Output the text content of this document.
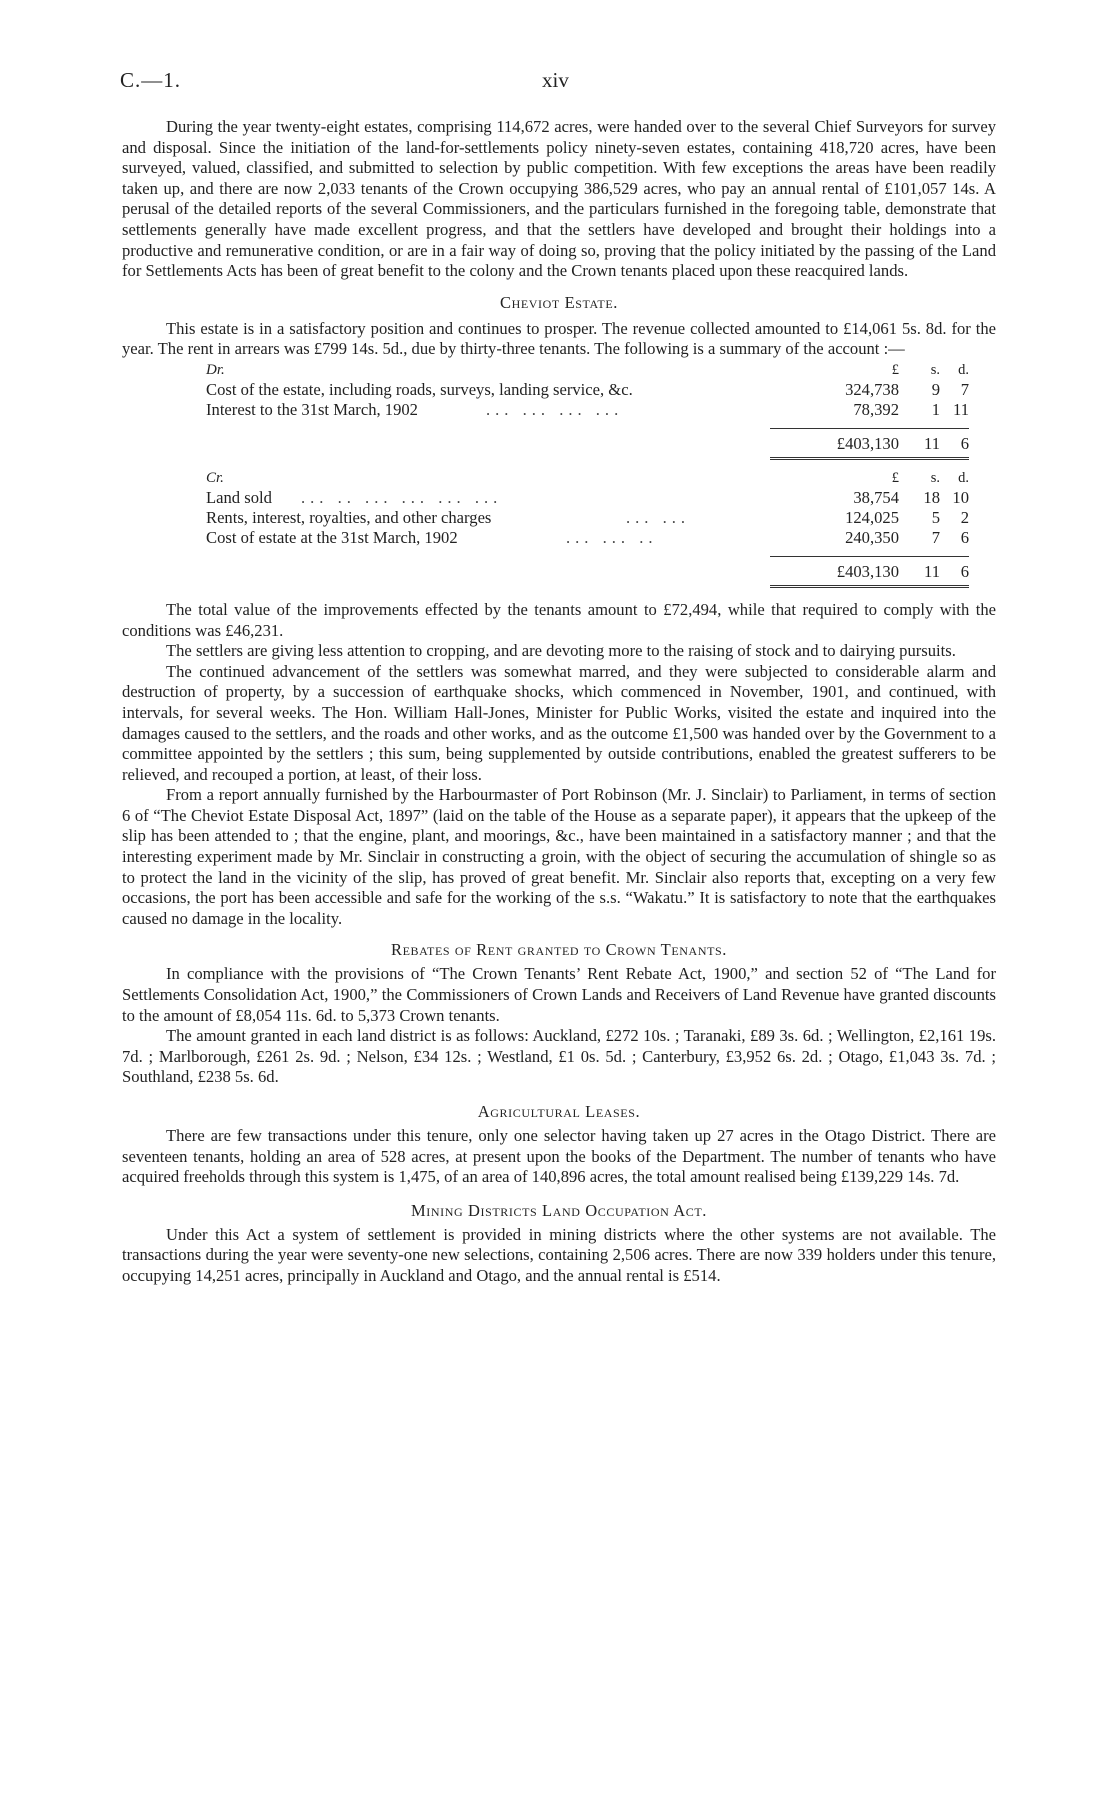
C.—1.	xiv

During the year twenty-eight estates, comprising 114,672 acres, were handed over to the several Chief Surveyors for survey and disposal. Since the initiation of the land-for-settlements policy ninety-seven estates, containing 418,720 acres, have been surveyed, valued, classified, and submitted to selection by public competition. With few exceptions the areas have been readily taken up, and there are now 2,033 tenants of the Crown occupying 386,529 acres, who pay an annual rental of £101,057 14s. A perusal of the detailed reports of the several Commissioners, and the particulars furnished in the foregoing table, demonstrate that settlements generally have made excellent progress, and that the settlers have developed and brought their holdings into a productive and remunerative condition, or are in a fair way of doing so, proving that the policy initiated by the passing of the Land for Settlements Acts has been of great benefit to the colony and the Crown tenants placed upon these reacquired lands.

Cheviot Estate.

This estate is in a satisfactory position and continues to prosper. The revenue collected amounted to £14,061 5s. 8d. for the year. The rent in arrears was £799 14s. 5d., due by thirty-three tenants. The following is a summary of the account :—

Dr.	£	s.	d.
Cost of the estate, including roads, surveys, landing service, &c.	324,738	9	7
Interest to the 31st March, 1902	... ... ... ...	78,392	1 11
£403,130	11	6
Cr.	£	s.	d.
Land sold ... .. ... ... ... ...	38,754	18 10
Rents, interest, royalties, and other charges	... ...	124,025	5	2
Cost of estate at the 31st March, 1902	... ... ..	240,350	7	6
£403,130	11	6

The total value of the improvements effected by the tenants amount to £72,494, while that required to comply with the conditions was £46,231.

The settlers are giving less attention to cropping, and are devoting more to the raising of stock and to dairying pursuits.

The continued advancement of the settlers was somewhat marred, and they were subjected to considerable alarm and destruction of property, by a succession of earthquake shocks, which commenced in November, 1901, and continued, with intervals, for several weeks. The Hon. William Hall-Jones, Minister for Public Works, visited the estate and inquired into the damages caused to the settlers, and the roads and other works, and as the outcome £1,500 was handed over by the Government to a committee appointed by the settlers ; this sum, being supplemented by outside contributions, enabled the greatest sufferers to be relieved, and recouped a portion, at least, of their loss.

From a report annually furnished by the Harbourmaster of Port Robinson (Mr. J. Sinclair) to Parliament, in terms of section 6 of “The Cheviot Estate Disposal Act, 1897” (laid on the table of the House as a separate paper), it appears that the upkeep of the slip has been attended to ; that the engine, plant, and moorings, &c., have been maintained in a satisfactory manner ; and that the interesting experiment made by Mr. Sinclair in constructing a groin, with the object of securing the accumulation of shingle so as to protect the land in the vicinity of the slip, has proved of great benefit. Mr. Sinclair also reports that, excepting on a very few occasions, the port has been accessible and safe for the working of the s.s. “Wakatu.” It is satisfactory to note that the earthquakes caused no damage in the locality.

Rebates of Rent granted to Crown Tenants.

In compliance with the provisions of “The Crown Tenants’ Rent Rebate Act, 1900,” and section 52 of “The Land for Settlements Consolidation Act, 1900,” the Commissioners of Crown Lands and Receivers of Land Revenue have granted discounts to the amount of £8,054 11s. 6d. to 5,373 Crown tenants.

The amount granted in each land district is as follows: Auckland, £272 10s. ; Taranaki, £89 3s. 6d. ; Wellington, £2,161 19s. 7d. ; Marlborough, £261 2s. 9d. ; Nelson, £34 12s. ; Westland, £1 0s. 5d. ; Canterbury, £3,952 6s. 2d. ; Otago, £1,043 3s. 7d. ; Southland, £238 5s. 6d.

Agricultural Leases.

There are few transactions under this tenure, only one selector having taken up 27 acres in the Otago District. There are seventeen tenants, holding an area of 528 acres, at present upon the books of the Department. The number of tenants who have acquired freeholds through this system is 1,475, of an area of 140,896 acres, the total amount realised being £139,229 14s. 7d.

Mining Districts Land Occupation Act.

Under this Act a system of settlement is provided in mining districts where the other systems are not available. The transactions during the year were seventy-one new selections, containing 2,506 acres. There are now 339 holders under this tenure, occupying 14,251 acres, principally in Auckland and Otago, and the annual rental is £514.
